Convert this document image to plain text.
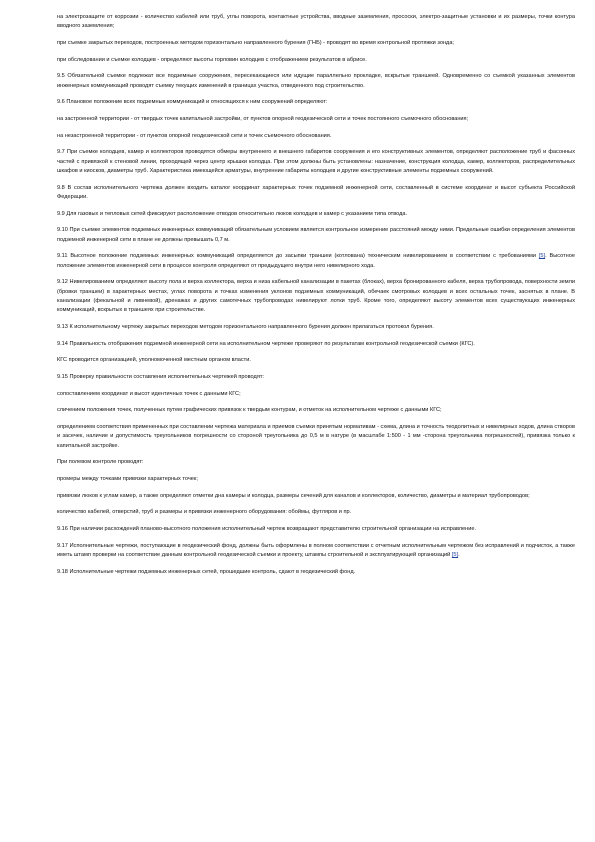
на электрозащите от коррозии - количество кабелей или труб, углы поворота, контактные устройства, вводные заземления, прососки, электро-защитные установки и их размеры, точки контура вводного заземления;

при съемке закрытых переходов, построенных методом горизонтально направленного бурения (ГНБ) - проводят во время контрольной протяжки зонда;

при обследовании и съемке колодцев - определяют высоты горловин колодцев с отображением результатов в абрисе.

9.5 Обязательной съемке подлежат все подземные сооружения, пересекающиеся или идущие параллельно прокладке, вскрытые траншеей. Одновременно со съемкой указанных элементов инженерных коммуникаций проводят съемку текущих изменений в границах участка, отведенного под строительство.

9.6 Плановое положение всех подземных коммуникаций и относящихся к ним сооружений определяют:

на застроенной территории - от твердых точек капитальной застройки, от пунктов опорной геодезической сети и точек постоянного съемочного обоснования;

на незастроенной территории - от пунктов опорной геодезической сети и точек съемочного обоснования.

9.7 При съемке колодцев, камер и коллекторов проводятся обмеры внутреннего и внешнего габаритов сооружения и его конструктивных элементов, определяют расположение труб и фасонных частей с привязкой к стеновой линии, проходящей через центр крышки колодца. При этом должны быть установлены: назначение, конструкция колодца, камер, коллекторов, распределительных шкафов и киосков, диаметры труб. Характеристика имеющейся арматуры, внутренние габариты колодцев и другие конструктивные элементы подземных сооружений.

9.8 В состав исполнительного чертежа должен входить каталог координат характерных точек подземной инженерной сети, составленный в системе координат и высот субъекта Российской Федерации.

9.9 Для газовых и тепловых сетей фиксируют расположение отводов относительно люков колодцев и камер с указанием типа отвода.

9.10 При съемке элементов подземных инженерных коммуникаций обязательным условием является контрольное измерение расстояний между ними. Предельные ошибки определения элементов подземной инженерной сети в плане не должны превышать 0,7 м.

9.11 Высотное положение подземных инженерных коммуникаций определяется до засыпки траншеи (котлована) техническим нивелированием в соответствии с требованиями [5]. Высотное положение элементов инженерной сети в процессе контроля определяют от предыдущего внутри него нивелирного хода.

9.12 Нивелированием определяют высоту пола и верха коллектора, верха и низа кабельной канализации в пакетах (блоках), верха бронированного кабеля, верха трубопровода, поверхности земли (бровки траншеи) в характерных местах, углах поворота и точках изменения уклонов подземных коммуникаций, обечаек смотровых колодцев и всех остальных точек, заснятых в плане. В канализации (фекальной и ливневой), дренажах и других самотечных трубопроводах нивелируют лотки труб. Кроме того, определяют высоту элементов всех существующих инженерных коммуникаций, вскрытых в траншеях при строительстве.

9.13 К исполнительному чертежу закрытых переходов методом горизонтального направленного бурения должен прилагаться протокол бурения.

9.14 Правильность отображения подземной инженерной сети на исполнительном чертеже проверяют по результатам контрольной геодезической съемки (КГС).

КГС проводится организацией, уполномоченной местным органом власти.

9.15 Проверку правильности составления исполнительных чертежей проводят:

сопоставлением координат и высот идентичных точек с данными КГС;

сличением положения точек, полученных путем графических привязок к твердым контурам, и отметок на исполнительном чертеже с данными КГС;

определением соответствия примененных при составлении чертежа материала и приемов съемки принятым нормативам - схема, длина и точность теодолитных и нивелирных ходов, длина створов и засечек, наличие и допустимость треугольников погрешности со стороной треугольника до 0,5 м в натуре (в масштабе 1:500 - 1 мм -сторона треугольника погрешностей), привязка только к капитальной застройке.

При полевом контроле проводят:

промеры между точками привязки характерных точек;

привязки люков к углам камер, а также определяют отметки дна камеры и колодца, размеры сечений для каналов и коллекторов, количество, диаметры и материал трубопроводов;

количество кабелей, отверстий, труб и размеры и привязки инженерного оборудования: обоймы, футляров и пр.

9.16 При наличии расхождений планово-высотного положения исполнительный чертеж возвращают представителю строительной организации на исправление.

9.17 Исполнительные чертежи, поступающие в геодезический фонд, должны быть оформлены в полном соответствии с отчетным исполнительным чертежом без исправлений и подчисток, а также иметь штамп проверки на соответствие данным контрольной геодезической съемки и проекту, штампы строительной и эксплуатирующей организаций [5].

9.18 Исполнительные чертежи подземных инженерных сетей, прошедшие контроль, сдают в геодезический фонд.
